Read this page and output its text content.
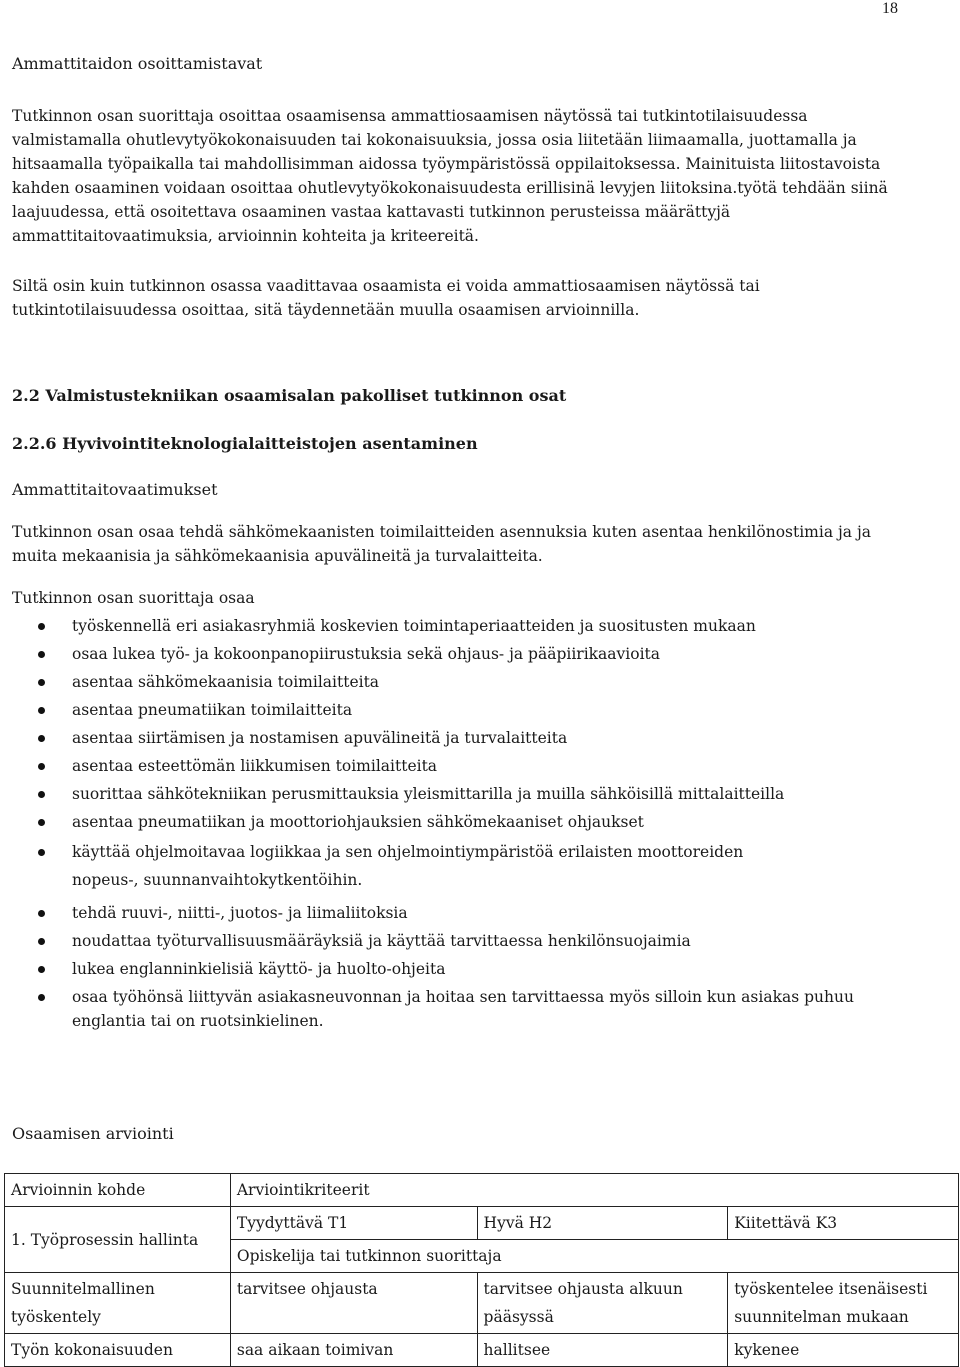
18

Ammattitaidon osoittamistavat

Tutkinnon osan suorittaja osoittaa osaamisensa ammattiosaamisen näytössä tai tutkintotilaisuudessa valmistamalla ohutlevytyökokonaisuuden tai kokonaisuuksia, jossa osia liitetään liimaamalla, juottamalla ja hitsaamalla työpaikalla tai mahdollisimman aidossa työympäristössä oppilaitoksessa. Mainituista liitostavoista kahden osaaminen voidaan osoittaa ohutlevytyökokonaisuudesta erillisinä levyjen liitoksina.työtä tehdään siinä laajuudessa, että osoitettava osaaminen vastaa kattavasti tutkinnon perusteissa määrättyjä ammattitaitovaatimuksia, arvioinnin kohteita ja kriteereitä.

Siltä osin kuin tutkinnon osassa vaadittavaa osaamista ei voida ammattiosaamisen näytössä tai tutkintotilaisuudessa osoittaa, sitä täydennetään muulla osaamisen arvioinnilla.

2.2 Valmistustekniikan osaamisalan pakolliset tutkinnon osat

2.2.6 Hyvivointiteknologialaitteistojen asentaminen

Ammattitaitovaatimukset

Tutkinnon osan osaa tehdä sähkömekaanisten toimilaitteiden asennuksia kuten asentaa henkilönostimia ja ja muita mekaanisia ja sähkömekaanisia apuvälineitä ja turvalaitteita.

Tutkinnon osan suorittaja osaa

työskennellä eri asiakasryhmiä koskevien toimintaperiaatteiden ja suositusten mukaan
osaa lukea työ- ja kokoonpanopiirustuksia sekä ohjaus- ja pääpiirikaavioita
asentaa sähkömekaanisia toimilaitteita
asentaa pneumatiikan toimilaitteita
asentaa siirtämisen ja nostamisen apuvälineitä ja turvalaitteita
asentaa esteettömän liikkumisen toimilaitteita
suorittaa sähkötekniikan perusmittauksia yleismittarilla ja muilla sähköisillä mittalaitteilla
asentaa pneumatiikan ja moottoriohjauksien sähkömekaaniset ohjaukset
käyttää ohjelmoitavaa logiikkaa ja sen ohjelmointiympäristöä erilaisten moottoreiden nopeus-, suunnanvaihtokytkentöihin.
tehdä ruuvi-, niitti-, juotos- ja liimaliitoksia
noudattaa työturvallisuusmääräyksiä ja käyttää tarvittaessa henkilönsuojaimia
lukea englanninkielisiä käyttö- ja huolto-ohjeita
osaa työhönsä liittyvän asiakasneuvonnan ja hoitaa sen tarvittaessa myös silloin kun asiakas puhuu englantia tai on ruotsinkielinen.

Osaamisen arviointi

Arvioinnin kohde	Arviointikriteerit		
1. Työprosessin hallinta	Tyydyttävä T1	Hyvä H2	Kiitettävä K3
	Opiskelija tai tutkinnon suorittaja		
Suunnitelmallinen työskentely	tarvitsee ohjausta	tarvitsee ohjausta alkuun pääsyssä	työskentelee itsenäisesti suunnitelman mukaan
Työn kokonaisuuden	saa aikaan toimivan	hallitsee	kykenee
